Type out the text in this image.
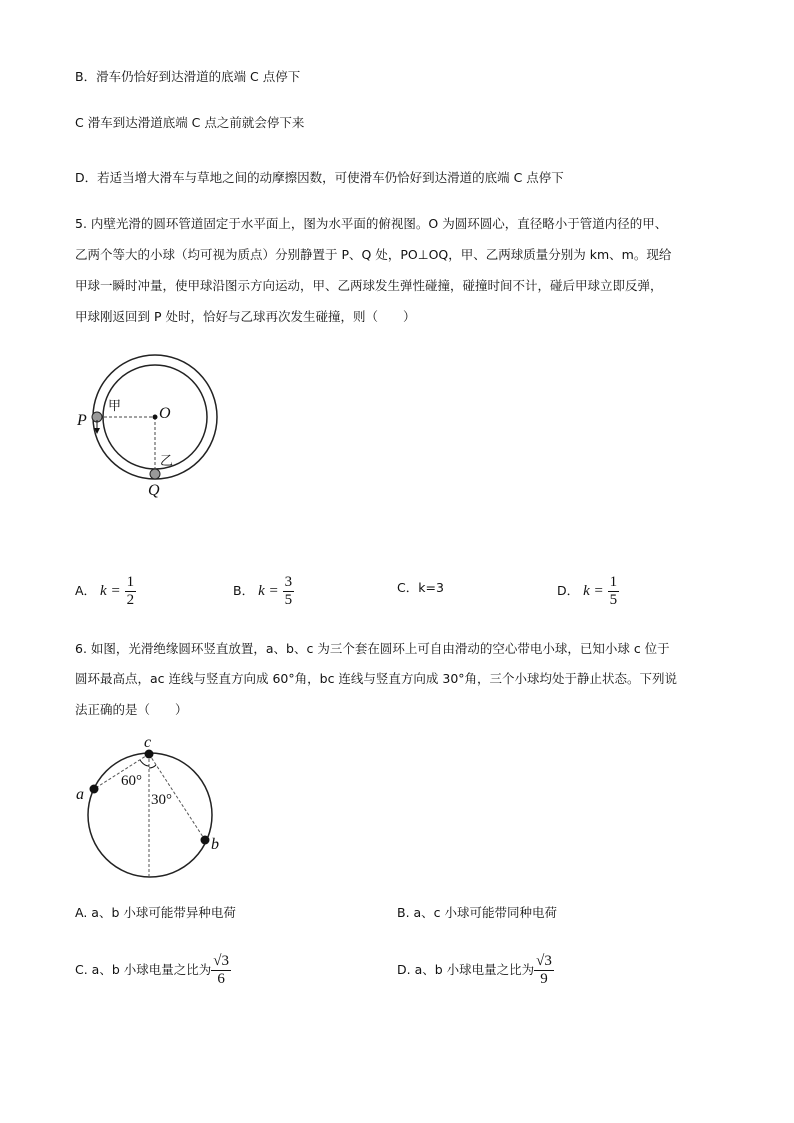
B．滑车仍恰好到达滑道的底端 C 点停下
C 滑车到达滑道底端 C 点之前就会停下来
D．若适当增大滑车与草地之间的动摩擦因数，可使滑车仍恰好到达滑道的底端 C 点停下
5. 内壁光滑的圆环管道固定于水平面上，图为水平面的俯视图。O 为圆环圆心，直径略小于管道内径的甲、
乙两个等大的小球（均可视为质点）分别静置于 P、Q 处，PO⊥OQ，甲、乙两球质量分别为 km、m。现给
甲球一瞬时冲量，使甲球沿图示方向运动，甲、乙两球发生弹性碰撞，碰撞时间不计，碰后甲球立即反弹，
甲球刚返回到 P 处时，恰好与乙球再次发生碰撞，则（　　）
甲
乙
P	O
Q
A． $k = \frac{1}{2}$	B． $k = \frac{3}{5}$	C．k=3	D． $k = \frac{1}{5}$
6. 如图，光滑绝缘圆环竖直放置，a、b、c 为三个套在圆环上可自由滑动的空心带电小球，已知小球 c 位于
圆环最高点，ac 连线与竖直方向成 60°角，bc 连线与竖直方向成 30°角，三个小球均处于静止状态。下列说
法正确的是（　　）
c
a
b
60°
30°
A. a、b 小球可能带异种电荷	B. a、c 小球可能带同种电荷
C. a、b 小球电量之比为 $\frac{√3}{6}$	D. a、b 小球电量之比为 $\frac{√3}{9}$
